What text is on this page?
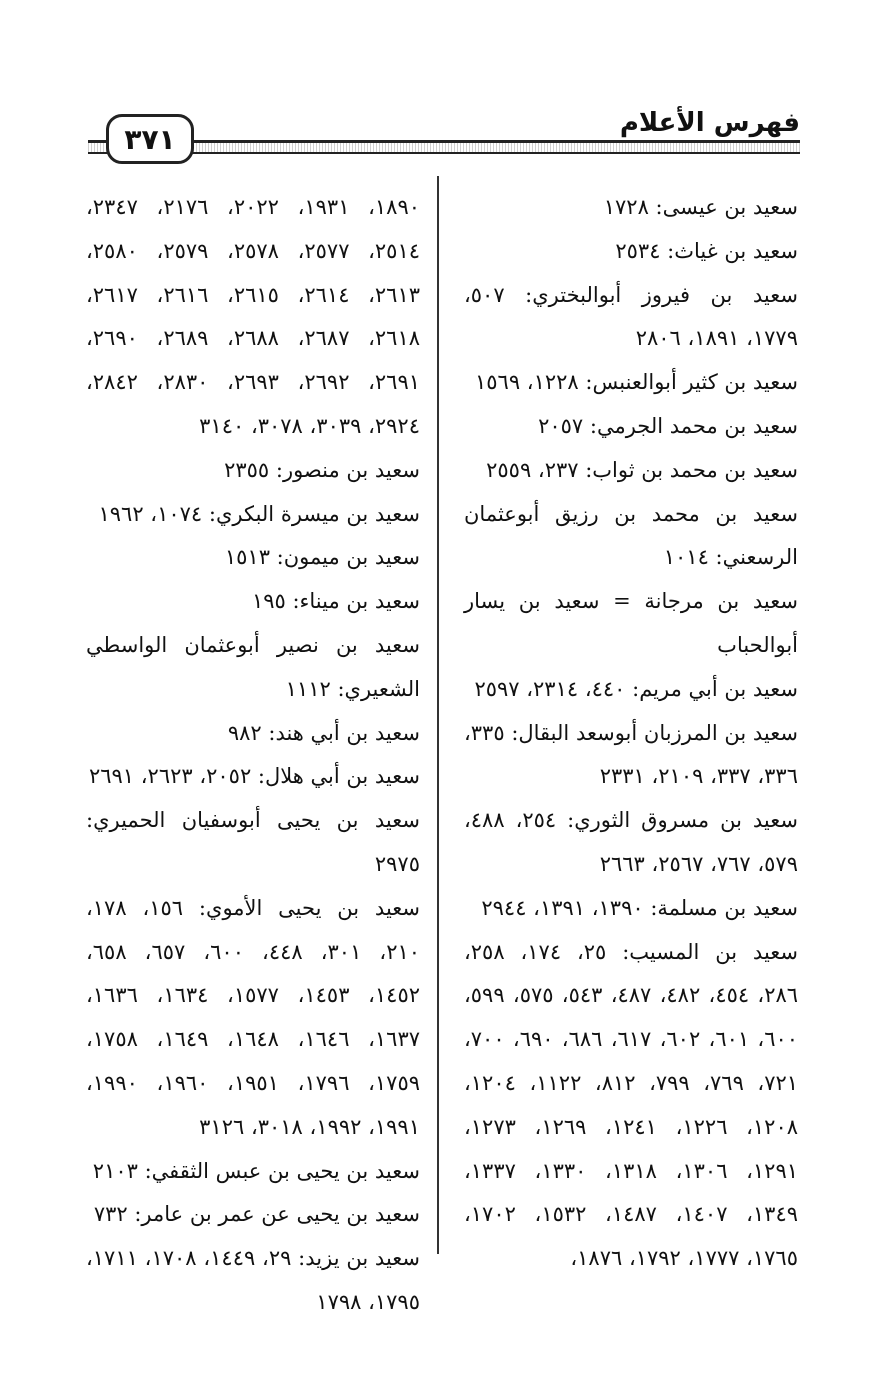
فهرس الأعلام
٣٧١

سعيد بن عيسى: ١٧٢٨

سعيد بن غياث: ٢٥٣٤

سعيد بن فيروز أبوالبختري: ٥٠٧، ١٧٧٩، ١٨٩١، ٢٨٠٦

سعيد بن كثير أبوالعنبس: ١٢٢٨، ١٥٦٩

سعيد بن محمد الجرمي: ٢٠٥٧

سعيد بن محمد بن ثواب: ٢٣٧، ٢٥٥٩

سعيد بن محمد بن رزيق أبوعثمان الرسعني: ١٠١٤

سعيد بن مرجانة = سعيد بن يسار أبوالحباب

سعيد بن أبي مريم: ٤٤٠، ٢٣١٤، ٢٥٩٧

سعيد بن المرزبان أبوسعد البقال: ٣٣٥، ٣٣٦، ٣٣٧، ٢١٠٩، ٢٣٣١

سعيد بن مسروق الثوري: ٢٥٤، ٤٨٨، ٥٧٩، ٧٦٧، ٢٥٦٧، ٢٦٦٣

سعيد بن مسلمة: ١٣٩٠، ١٣٩١، ٢٩٤٤

سعيد بن المسيب: ٢٥، ١٧٤، ٢٥٨، ٢٨٦، ٤٥٤، ٤٨٢، ٤٨٧، ٥٤٣، ٥٧٥، ٥٩٩، ٦٠٠، ٦٠١، ٦٠٢، ٦١٧، ٦٨٦، ٦٩٠، ٧٠٠، ٧٢١، ٧٦٩، ٧٩٩، ٨١٢، ١١٢٢، ١٢٠٤، ١٢٠٨، ١٢٢٦، ١٢٤١، ١٢٦٩، ١٢٧٣، ١٢٩١، ١٣٠٦، ١٣١٨، ١٣٣٠، ١٣٣٧، ١٣٤٩، ١٤٠٧، ١٤٨٧، ١٥٣٢، ١٧٠٢، ١٧٦٥، ١٧٧٧، ١٧٩٢، ١٨٧٦،

١٨٩٠، ١٩٣١، ٢٠٢٢، ٢١٧٦، ٢٣٤٧، ٢٥١٤، ٢٥٧٧، ٢٥٧٨، ٢٥٧٩، ٢٥٨٠، ٢٦١٣، ٢٦١٤، ٢٦١٥، ٢٦١٦، ٢٦١٧، ٢٦١٨، ٢٦٨٧، ٢٦٨٨، ٢٦٨٩، ٢٦٩٠، ٢٦٩١، ٢٦٩٢، ٢٦٩٣، ٢٨٣٠، ٢٨٤٢، ٢٩٢٤، ٣٠٣٩، ٣٠٧٨، ٣١٤٠

سعيد بن منصور: ٢٣٥٥

سعيد بن ميسرة البكري: ١٠٧٤، ١٩٦٢

سعيد بن ميمون: ١٥١٣

سعيد بن ميناء: ١٩٥

سعيد بن نصير أبوعثمان الواسطي الشعيري: ١١١٢

سعيد بن أبي هند: ٩٨٢

سعيد بن أبي هلال: ٢٠٥٢، ٢٦٢٣، ٢٦٩١

سعيد بن يحيى أبوسفيان الحميري: ٢٩٧٥

سعيد بن يحيى الأموي: ١٥٦، ١٧٨، ٢١٠، ٣٠١، ٤٤٨، ٦٠٠، ٦٥٧، ٦٥٨، ١٤٥٢، ١٤٥٣، ١٥٧٧، ١٦٣٤، ١٦٣٦، ١٦٣٧، ١٦٤٦، ١٦٤٨، ١٦٤٩، ١٧٥٨، ١٧٥٩، ١٧٩٦، ١٩٥١، ١٩٦٠، ١٩٩٠، ١٩٩١، ١٩٩٢، ٣٠١٨، ٣١٢٦

سعيد بن يحيى بن عبس الثقفي: ٢١٠٣

سعيد بن يحيى عن عمر بن عامر: ٧٣٢

سعيد بن يزيد: ٢٩، ١٤٤٩، ١٧٠٨، ١٧١١، ١٧٩٥، ١٧٩٨
